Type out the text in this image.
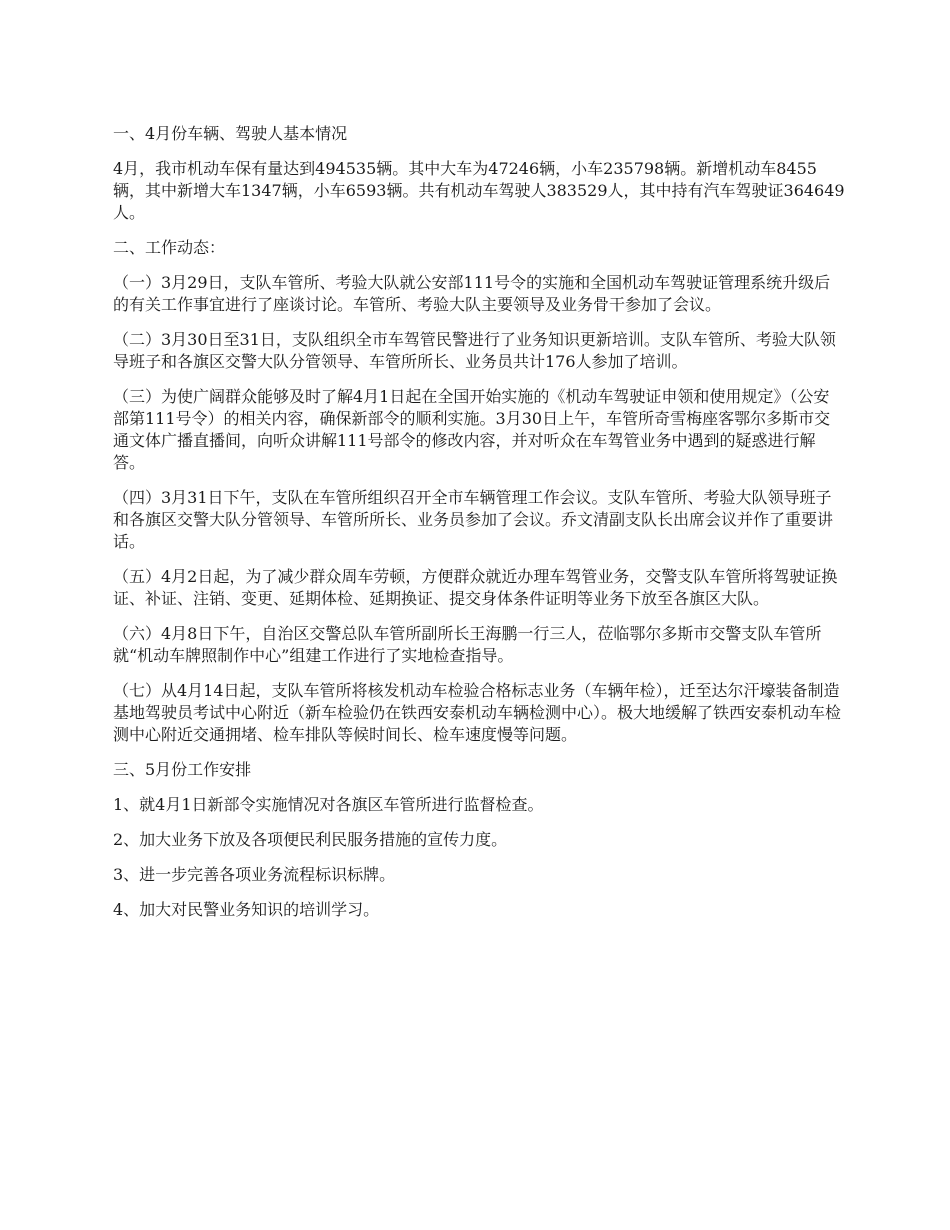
一、4月份车辆、驾驶人基本情况

4月，我市机动车保有量达到494535辆。其中大车为47246辆，小车235798辆。新增机动车8455辆，其中新增大车1347辆，小车6593辆。共有机动车驾驶人383529人，其中持有汽车驾驶证364649人。

二、工作动态：

（一）3月29日，支队车管所、考验大队就公安部111号令的实施和全国机动车驾驶证管理系统升级后的有关工作事宜进行了座谈讨论。车管所、考验大队主要领导及业务骨干参加了会议。

（二）3月30日至31日，支队组织全市车驾管民警进行了业务知识更新培训。支队车管所、考验大队领导班子和各旗区交警大队分管领导、车管所所长、业务员共计176人参加了培训。

（三）为使广阔群众能够及时了解4月1日起在全国开始实施的《机动车驾驶证申领和使用规定》（公安部第111号令）的相关内容，确保新部令的顺利实施。3月30日上午，车管所奇雪梅座客鄂尔多斯市交通文体广播直播间，向听众讲解111号部令的修改内容，并对听众在车驾管业务中遇到的疑惑进行解答。

（四）3月31日下午，支队在车管所组织召开全市车辆管理工作会议。支队车管所、考验大队领导班子和各旗区交警大队分管领导、车管所所长、业务员参加了会议。乔文清副支队长出席会议并作了重要讲话。

（五）4月2日起，为了减少群众周车劳顿，方便群众就近办理车驾管业务，交警支队车管所将驾驶证换证、补证、注销、变更、延期体检、延期换证、提交身体条件证明等业务下放至各旗区大队。

（六）4月8日下午，自治区交警总队车管所副所长王海鹏一行三人，莅临鄂尔多斯市交警支队车管所就“机动车牌照制作中心”组建工作进行了实地检查指导。

（七）从4月14日起，支队车管所将核发机动车检验合格标志业务（车辆年检），迁至达尔汗壕装备制造基地驾驶员考试中心附近（新车检验仍在铁西安泰机动车辆检测中心）。极大地缓解了铁西安泰机动车检测中心附近交通拥堵、检车排队等候时间长、检车速度慢等问题。

三、5月份工作安排

1、就4月1日新部令实施情况对各旗区车管所进行监督检查。

2、加大业务下放及各项便民利民服务措施的宣传力度。

3、进一步完善各项业务流程标识标牌。

4、加大对民警业务知识的培训学习。
